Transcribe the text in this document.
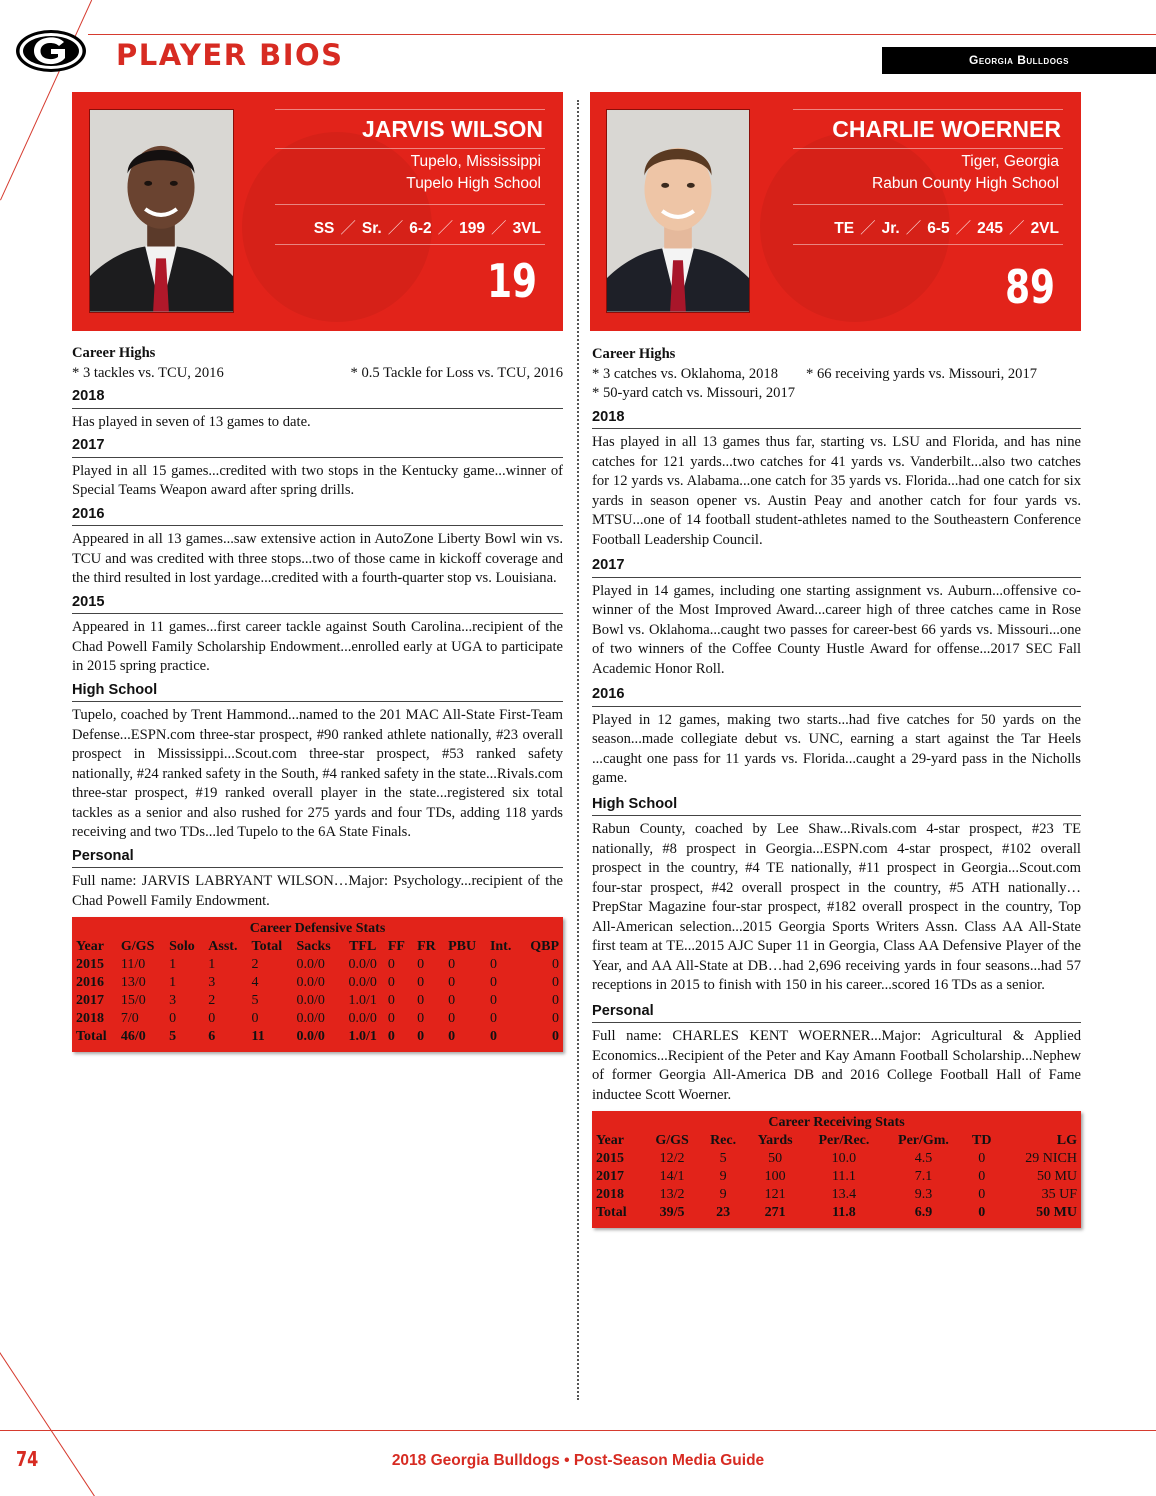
PLAYER BIOS	Georgia Bulldogs
JARVIS WILSON
Tupelo, Mississippi
Tupelo High School
SS ／ Sr. ／ 6-2 ／ 199 ／ 3VL
19
CHARLIE WOERNER
Tiger, Georgia
Rabun County High School
TE ／ Jr. ／ 6-5 ／ 245 ／ 2VL
89
Career Highs
* 3 tackles vs. TCU, 2016	* 0.5 Tackle for Loss vs. TCU, 2016
2018

Has played in seven of 13 games to date.

2017

Played in all 15 games...credited with two stops in the Kentucky game...winner of Special Teams Weapon award after spring drills.

2016

Appeared in all 13 games...saw extensive action in AutoZone Liberty Bowl win vs. TCU and was credited with three stops...two of those came in kickoff coverage and the third resulted in lost yardage...credited with a fourth-quarter stop vs. Louisiana.

2015

Appeared in 11 games...first career tackle against South Carolina...recipient of the Chad Powell Family Scholarship Endowment...enrolled early at UGA to participate in 2015 spring practice.

High School

Tupelo, coached by Trent Hammond...named to the 201 MAC All-State First-Team Defense...ESPN.com three-star prospect, #90 ranked athlete nationally, #23 overall prospect in Mississippi...Scout.com three-star prospect, #53 ranked safety nationally, #24 ranked safety in the South, #4 ranked safety in the state...Rivals.com three-star prospect, #19 ranked overall player in the state...registered six total tackles as a senior and also rushed for 275 yards and four TDs, adding 118 yards receiving and two TDs...led Tupelo to the 6A State Finals.

Personal

Full name: JARVIS LABRYANT WILSON…Major: Psychology...recipient of the Chad Powell Family Endowment.

Career Defensive Stats											
Year	G/GS	Solo	Asst.	Total	Sacks	TFL	FF	FR	PBU	Int.	QBP
2015	11/0	1	1	2	0.0/0	0.0/0	0	0	0	0	0
2016	13/0	1	3	4	0.0/0	0.0/0	0	0	0	0	0
2017	15/0	3	2	5	0.0/0	1.0/1	0	0	0	0	0
2018	7/0	0	0	0	0.0/0	0.0/0	0	0	0	0	0
Total	46/0	5	6	11	0.0/0	1.0/1	0	0	0	0	0
Career Highs
* 3 catches vs. Oklahoma, 2018 * 66 receiving yards vs. Missouri, 2017
* 50-yard catch vs. Missouri, 2017
2018

Has played in all 13 games thus far, starting vs. LSU and Florida, and has nine catches for 121 yards...two catches for 41 yards vs. Vanderbilt...also two catches for 12 yards vs. Alabama...one catch for 35 yards vs. Florida...had one catch for six yards in season opener vs. Austin Peay and another catch for four yards vs. MTSU...one of 14 football student-athletes named to the Southeastern Conference Football Leadership Council.

2017

Played in 14 games, including one starting assignment vs. Auburn...offensive co-winner of the Most Improved Award...career high of three catches came in Rose Bowl vs. Oklahoma...caught two passes for career-best 66 yards vs. Missouri...one of two winners of the Coffee County Hustle Award for offense...2017 SEC Fall Academic Honor Roll.

2016

Played in 12 games, making two starts...had five catches for 50 yards on the season...made collegiate debut vs. UNC, earning a start against the Tar Heels ...caught one pass for 11 yards vs. Florida...caught a 29-yard pass in the Nicholls game.

High School

Rabun County, coached by Lee Shaw...Rivals.com 4-star prospect, #23 TE nationally, #8 prospect in Georgia...ESPN.com 4-star prospect, #102 overall prospect in the country, #4 TE nationally, #11 prospect in Georgia...Scout.com four-star prospect, #42 overall prospect in the country, #5 ATH nationally…PrepStar Magazine four-star prospect, #182 overall prospect in the country, Top All-American selection...2015 Georgia Sports Writers Assn. Class AA All-State first team at TE...2015 AJC Super 11 in Georgia, Class AA Defensive Player of the Year, and AA All-State at DB…had 2,696 receiving yards in four seasons...had 57 receptions in 2015 to finish with 150 in his career...scored 16 TDs as a senior.

Personal

Full name: CHARLES KENT WOERNER...Major: Agricultural & Applied Economics...Recipient of the Peter and Kay Amann Football Scholarship...Nephew of former Georgia All-America DB and 2016 College Football Hall of Fame inductee Scott Woerner.

Career Receiving Stats							
Year	G/GS	Rec.	Yards	Per/Rec.	Per/Gm.	TD	LG
2015	12/2	5	50	10.0	4.5	0	29 NICH
2017	14/1	9	100	11.1	7.1	0	50 MU
2018	13/2	9	121	13.4	9.3	0	35 UF
Total	39/5	23	271	11.8	6.9	0	50 MU
74	2018 Georgia Bulldogs • Post-Season Media Guide
